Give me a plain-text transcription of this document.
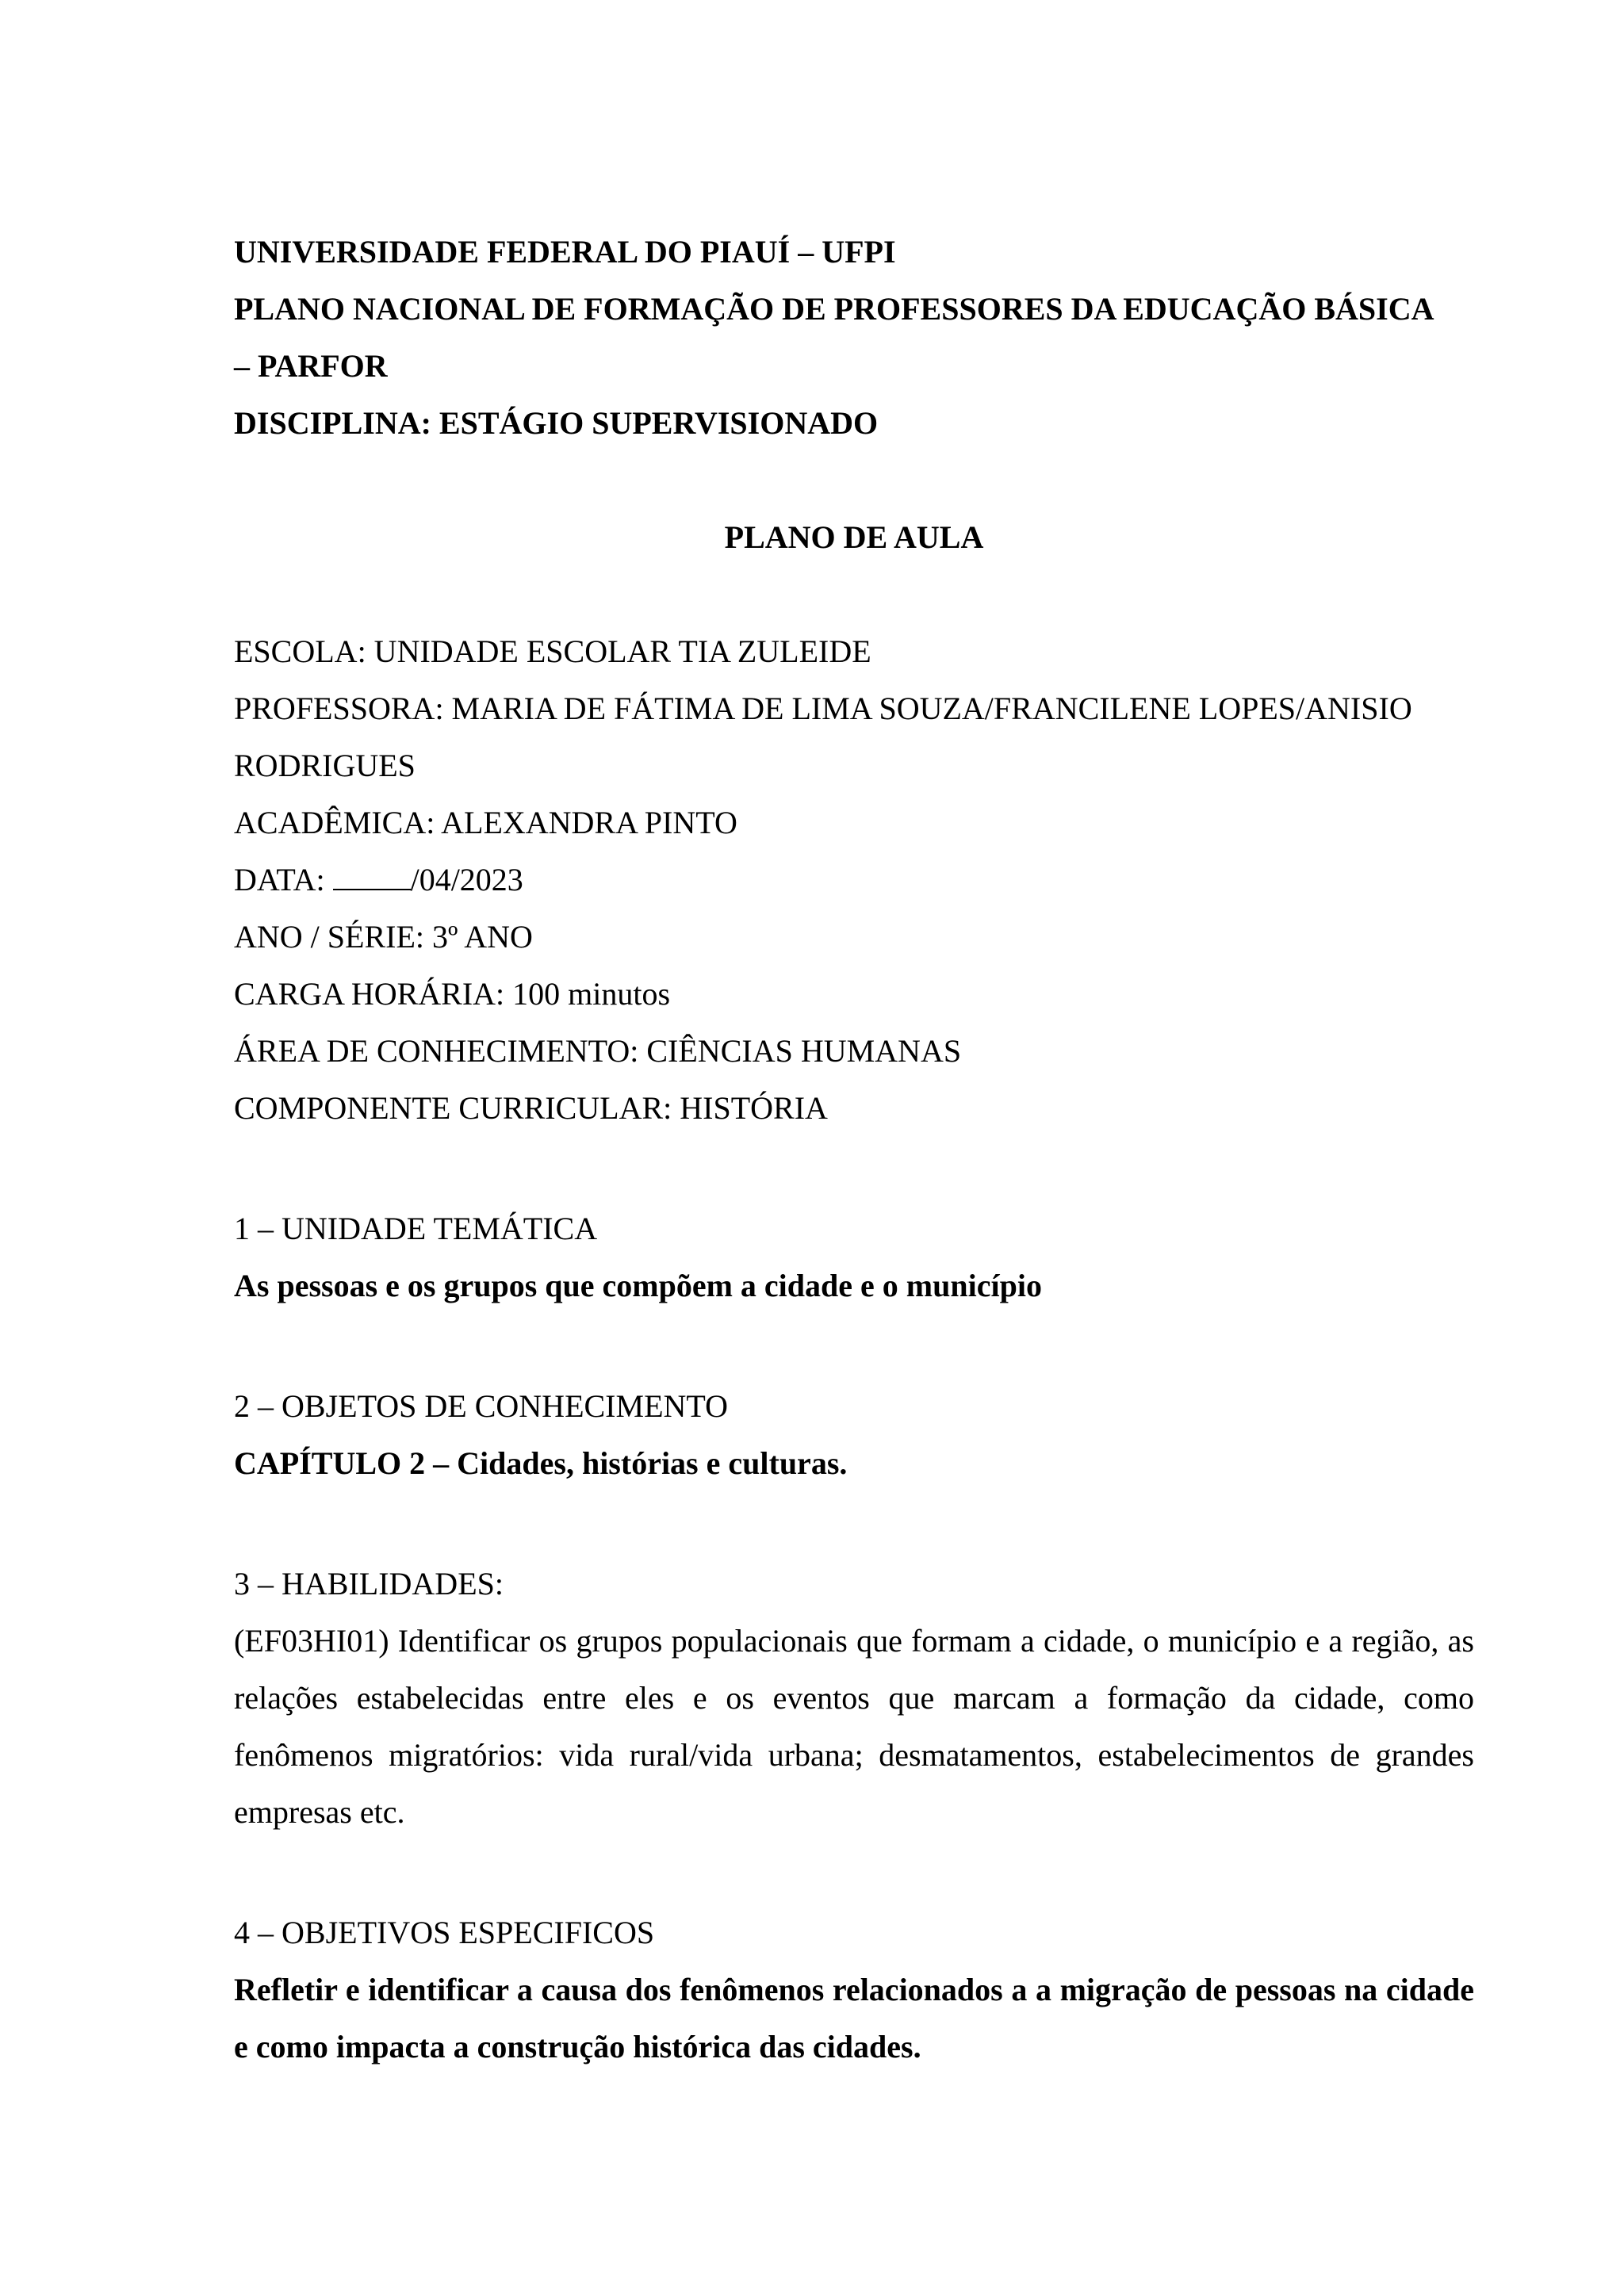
UNIVERSIDADE FEDERAL DO PIAUÍ – UFPI
PLANO NACIONAL DE FORMAÇÃO DE PROFESSORES DA EDUCAÇÃO BÁSICA
– PARFOR
DISCIPLINA: ESTÁGIO SUPERVISIONADO
PLANO DE AULA
ESCOLA: UNIDADE ESCOLAR TIA ZULEIDE
PROFESSORA: MARIA DE FÁTIMA DE LIMA SOUZA/FRANCILENE LOPES/ANISIO
RODRIGUES
ACADÊMICA: ALEXANDRA PINTO
DATA:	/04/2023
ANO / SÉRIE: 3º ANO
CARGA HORÁRIA: 100 minutos
ÁREA DE CONHECIMENTO: CIÊNCIAS HUMANAS
COMPONENTE CURRICULAR: HISTÓRIA
1 – UNIDADE TEMÁTICA
As pessoas e os grupos que compõem a cidade e o município
2 – OBJETOS DE CONHECIMENTO
CAPÍTULO 2 – Cidades, histórias e culturas.
3 – HABILIDADES:
(EF03HI01) Identificar os grupos populacionais que formam a cidade, o município e a região, as relações estabelecidas entre eles e os eventos que marcam a formação da cidade, como fenômenos migratórios: vida rural/vida urbana; desmatamentos, estabelecimentos de grandes empresas etc.
4 – OBJETIVOS ESPECIFICOS
Refletir e identificar a causa dos fenômenos relacionados a a migração de pessoas na cidade e como impacta a construção histórica das cidades.
